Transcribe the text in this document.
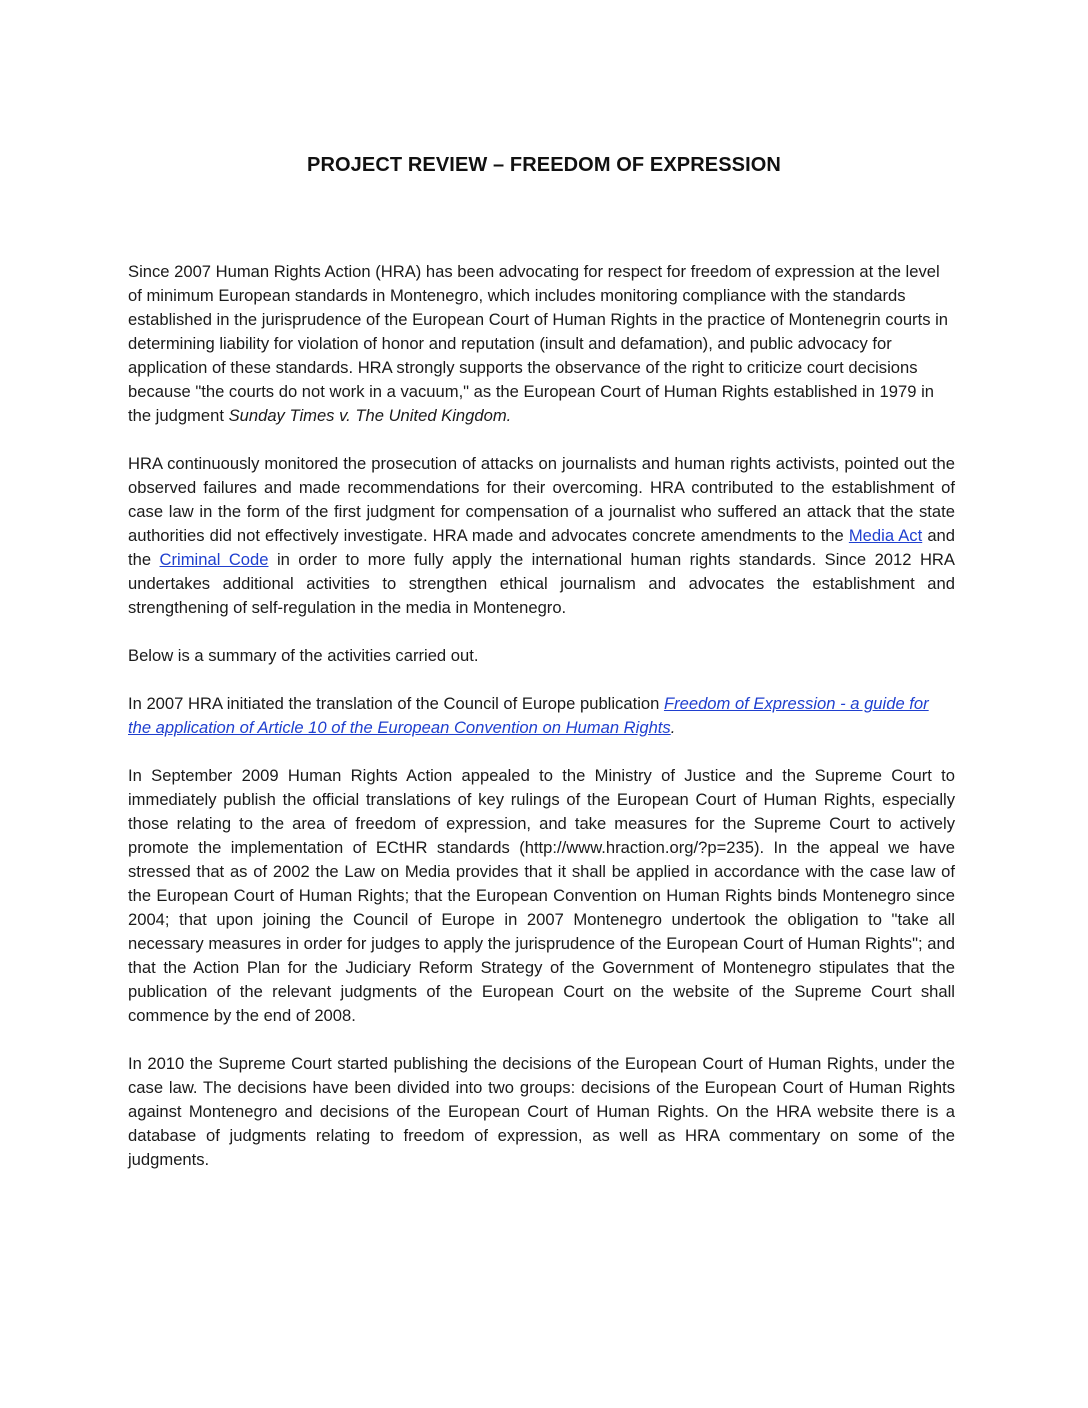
PROJECT REVIEW – FREEDOM OF EXPRESSION

Since 2007 Human Rights Action (HRA) has been advocating for respect for freedom of expression at the level of minimum European standards in Montenegro, which includes monitoring compliance with the standards established in the jurisprudence of the European Court of Human Rights in the practice of Montenegrin courts in determining liability for violation of honor and reputation (insult and defamation), and public advocacy for application of these standards. HRA strongly supports the observance of the right to criticize court decisions because "the courts do not work in a vacuum," as the European Court of Human Rights established in 1979 in the judgment Sunday Times v. The United Kingdom.

HRA continuously monitored the prosecution of attacks on journalists and human rights activists, pointed out the observed failures and made recommendations for their overcoming. HRA contributed to the establishment of case law in the form of the first judgment for compensation of a journalist who suffered an attack that the state authorities did not effectively investigate. HRA made and advocates concrete amendments to the Media Act and the Criminal Code in order to more fully apply the international human rights standards. Since 2012 HRA undertakes additional activities to strengthen ethical journalism and advocates the establishment and strengthening of self-regulation in the media in Montenegro.

Below is a summary of the activities carried out.

In 2007 HRA initiated the translation of the Council of Europe publication Freedom of Expression - a guide for the application of Article 10 of the European Convention on Human Rights.

In September 2009 Human Rights Action appealed to the Ministry of Justice and the Supreme Court to immediately publish the official translations of key rulings of the European Court of Human Rights, especially those relating to the area of freedom of expression, and take measures for the Supreme Court to actively promote the implementation of ECtHR standards (http://www.hraction.org/?p=235). In the appeal we have stressed that as of 2002 the Law on Media provides that it shall be applied in accordance with the case law of the European Court of Human Rights; that the European Convention on Human Rights binds Montenegro since 2004; that upon joining the Council of Europe in 2007 Montenegro undertook the obligation to "take all necessary measures in order for judges to apply the jurisprudence of the European Court of Human Rights"; and that the Action Plan for the Judiciary Reform Strategy of the Government of Montenegro stipulates that the publication of the relevant judgments of the European Court on the website of the Supreme Court shall commence by the end of 2008.

In 2010 the Supreme Court started publishing the decisions of the European Court of Human Rights, under the case law. The decisions have been divided into two groups: decisions of the European Court of Human Rights against Montenegro and decisions of the European Court of Human Rights. On the HRA website there is a database of judgments relating to freedom of expression, as well as HRA commentary on some of the judgments.
